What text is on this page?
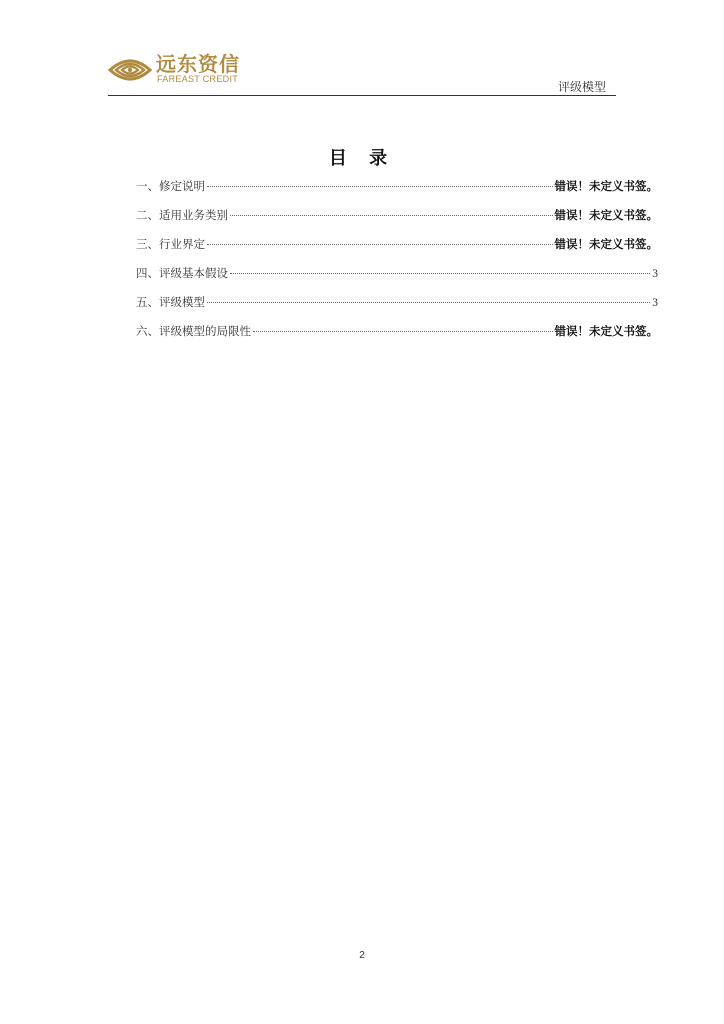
远东资信
FAREAST CREDIT
评级模型
目 录
一、修定说明	错误！未定义书签。
二、适用业务类别	错误！未定义书签。
三、行业界定	错误！未定义书签。
四、评级基本假设	3
五、评级模型	3
六、评级模型的局限性	错误！未定义书签。
2
